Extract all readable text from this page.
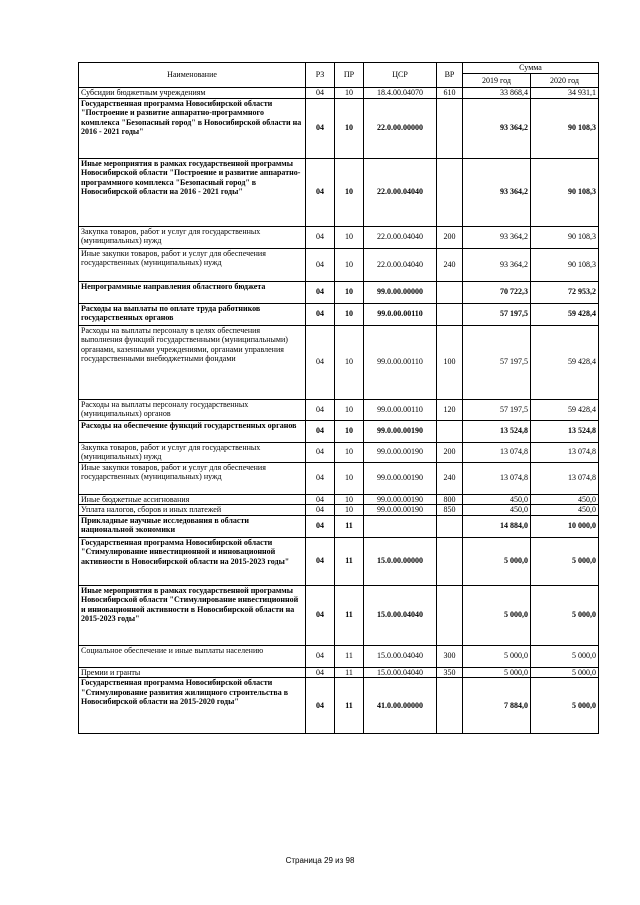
Наименование	РЗ	ПР	ЦСР	ВР	Сумма	
					2019 год	2020 год
Субсидии бюджетным учреждениям	04	10	18.4.00.04070	610	33 868,4	34 931,1
Государственная программа Новосибирской области "Построение и развитие аппаратно-программного комплекса "Безопасный город" в Новосибирской области на 2016 - 2021 годы"	04	10	22.0.00.00000		93 364,2	90 108,3
Иные мероприятия в рамках государственной программы Новосибирской области "Построение и развитие аппаратно-программного комплекса "Безопасный город" в Новосибирской области на 2016 - 2021 годы"	04	10	22.0.00.04040		93 364,2	90 108,3
Закупка товаров, работ и услуг для государственных (муниципальных) нужд	04	10	22.0.00.04040	200	93 364,2	90 108,3
Иные закупки товаров, работ и услуг для обеспечения государственных (муниципальных) нужд	04	10	22.0.00.04040	240	93 364,2	90 108,3
Непрограммные направления областного бюджета	04	10	99.0.00.00000		70 722,3	72 953,2
Расходы на выплаты по оплате труда работников государственных органов	04	10	99.0.00.00110		57 197,5	59 428,4
Расходы на выплаты персоналу в целях обеспечения выполнения функций государственными (муниципальными) органами, казенными учреждениями, органами управления государственными внебюджетными фондами	04	10	99.0.00.00110	100	57 197,5	59 428,4
Расходы на выплаты персоналу государственных (муниципальных) органов	04	10	99.0.00.00110	120	57 197,5	59 428,4
Расходы на обеспечение функций государственных органов	04	10	99.0.00.00190		13 524,8	13 524,8
Закупка товаров, работ и услуг для государственных (муниципальных) нужд	04	10	99.0.00.00190	200	13 074,8	13 074,8
Иные закупки товаров, работ и услуг для обеспечения государственных (муниципальных) нужд	04	10	99.0.00.00190	240	13 074,8	13 074,8
Иные бюджетные ассигнования	04	10	99.0.00.00190	800	450,0	450,0
Уплата налогов, сборов и иных платежей	04	10	99.0.00.00190	850	450,0	450,0
Прикладные научные исследования в области национальной экономики	04	11			14 884,0	10 000,0
Государственная программа Новосибирской области "Стимулирование инвестиционной и инновационной активности в Новосибирской области на 2015-2023 годы"	04	11	15.0.00.00000		5 000,0	5 000,0
Иные мероприятия в рамках государственной программы Новосибирской области "Стимулирование инвестиционной и инновационной активности в Новосибирской области на 2015-2023 годы"	04	11	15.0.00.04040		5 000,0	5 000,0
Социальное обеспечение и иные выплаты населению	04	11	15.0.00.04040	300	5 000,0	5 000,0
Премии и гранты	04	11	15.0.00.04040	350	5 000,0	5 000,0
Государственная программа Новосибирской области "Стимулирование развития жилищного строительства в Новосибирской области на 2015-2020 годы"	04	11	41.0.00.00000		7 884,0	5 000,0
Страница 29 из 98
